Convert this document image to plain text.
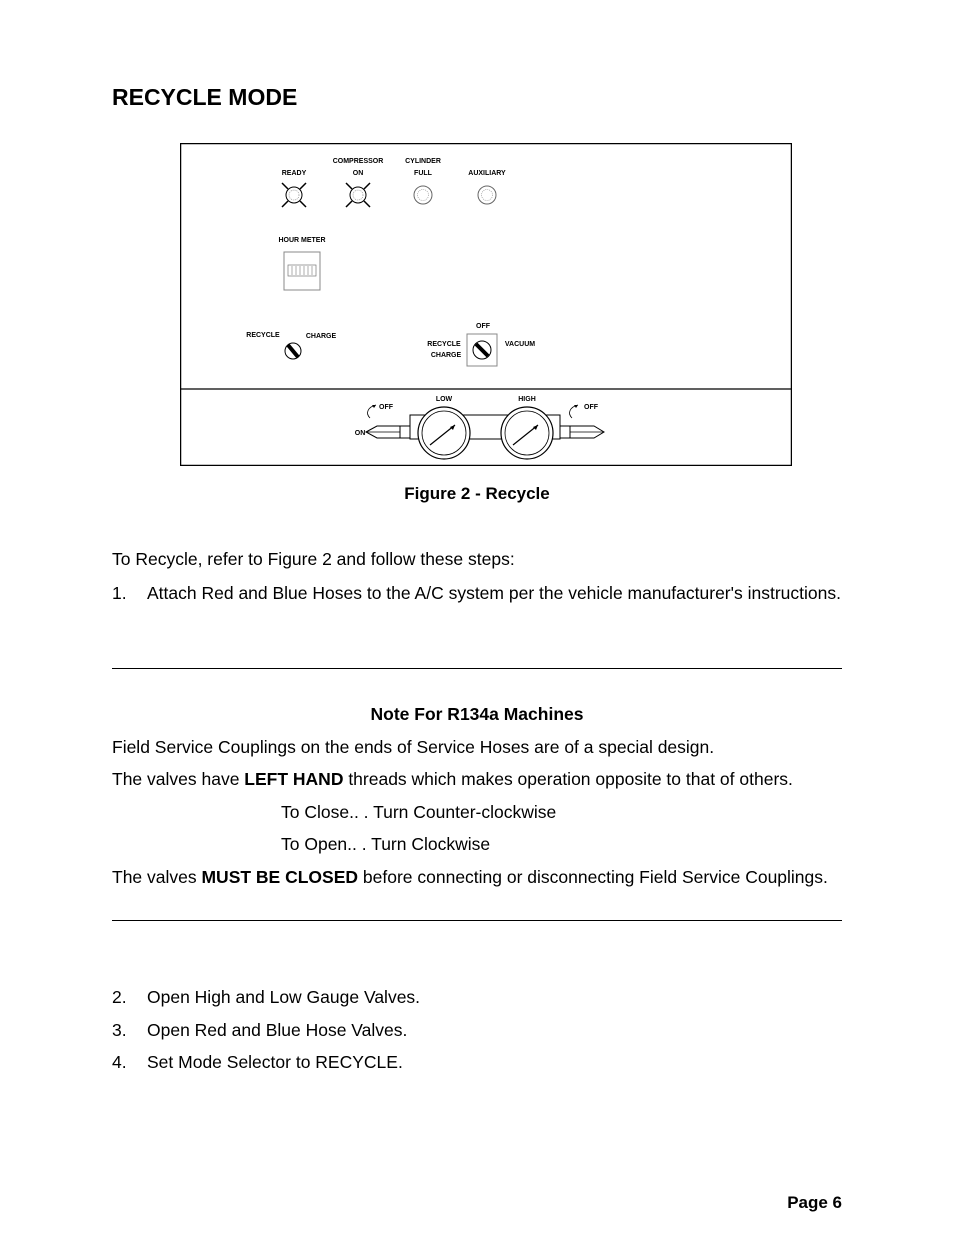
RECYCLE MODE
READY
COMPRESSOR
ON
CYLINDER
FULL	AUXILIARY
HOUR METER
RECYCLE	CHARGE
OFF
RECYCLE
CHARGE
VACUUM
LOW	HIGH
OFF
ON
OFF
Figure 2 - Recycle
To Recycle, refer to Figure 2 and follow these steps:
1. Attach Red and Blue Hoses to the A/C system per the vehicle manufacturer's instructions.
Note For R134a Machines
Field Service Couplings on the ends of Service Hoses are of a special design.
The valves have LEFT HAND threads which makes operation opposite to that of others.
To Close.. . Turn Counter-clockwise
To Open.. . Turn Clockwise
The valves MUST BE CLOSED before connecting or disconnecting Field Service Couplings.
2. Open High and Low Gauge Valves.
3. Open Red and Blue Hose Valves.
4. Set Mode Selector to RECYCLE.
Page 6
